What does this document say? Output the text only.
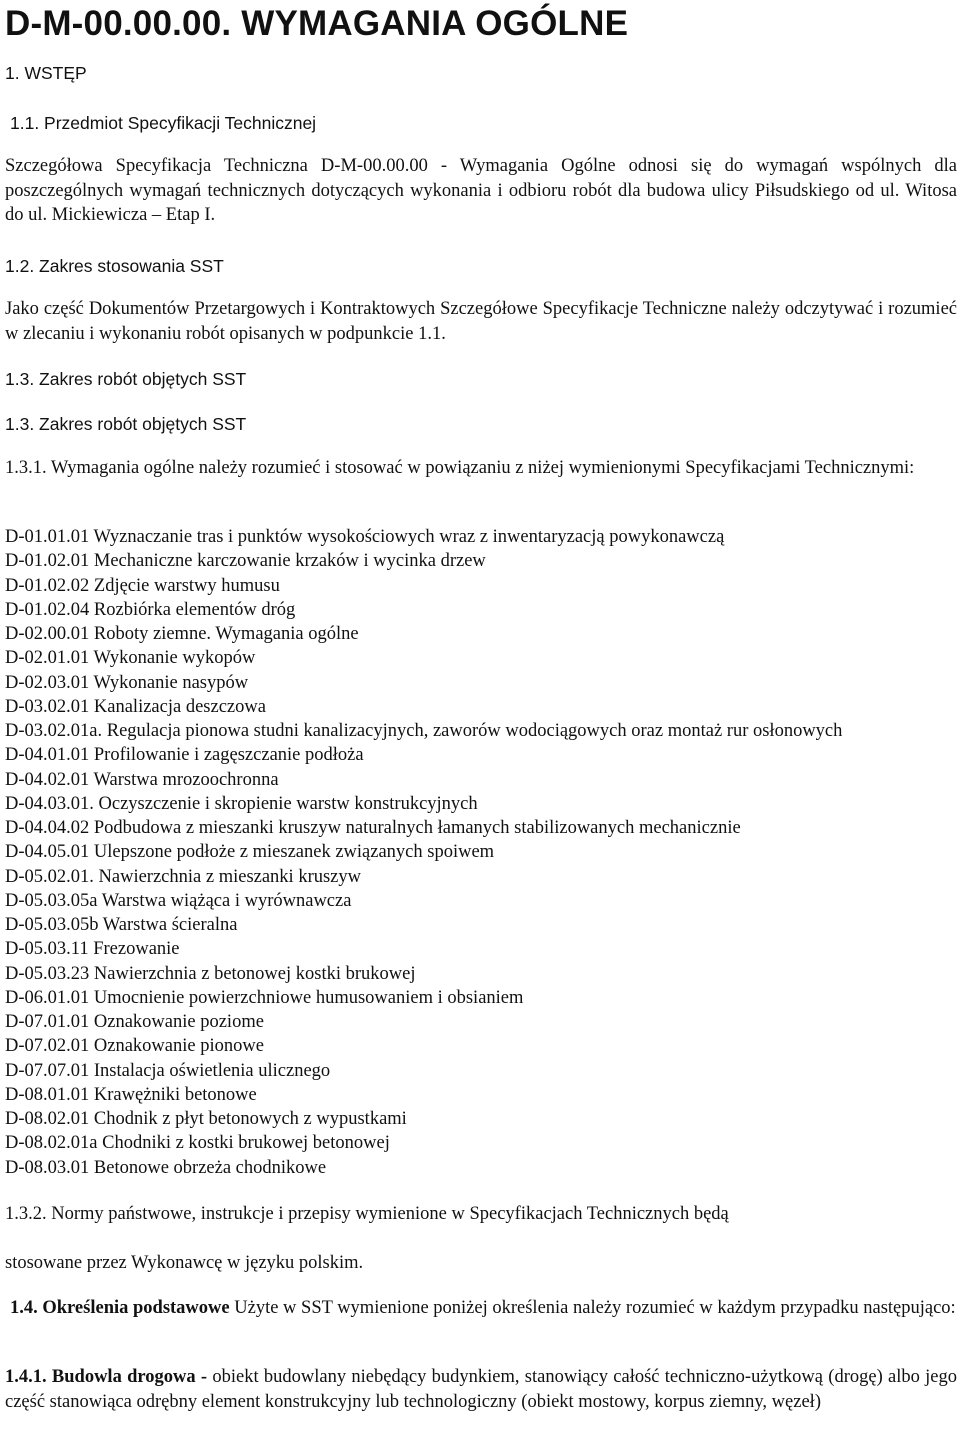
D-M-00.00.00. WYMAGANIA OGÓLNE

1. WSTĘP

1.1. Przedmiot Specyfikacji Technicznej

Szczegółowa Specyfikacja Techniczna D-M-00.00.00 - Wymagania Ogólne odnosi się do wymagań wspólnych dla poszczególnych wymagań technicznych dotyczących wykonania i odbioru robót dla budowa ulicy Piłsudskiego od ul. Witosa do ul. Mickiewicza – Etap I.

1.2. Zakres stosowania SST

Jako część Dokumentów Przetargowych i Kontraktowych Szczegółowe Specyfikacje Techniczne należy odczytywać i rozumieć w zlecaniu i wykonaniu robót opisanych w podpunkcie 1.1.

1.3. Zakres robót objętych SST

1.3. Zakres robót objętych SST

1.3.1. Wymagania ogólne należy rozumieć i stosować w powiązaniu z niżej wymienionymi Specyfikacjami Technicznymi:

D-01.01.01 Wyznaczanie tras i punktów wysokościowych wraz z inwentaryzacją powykonawczą
D-01.02.01 Mechaniczne karczowanie krzaków i wycinka drzew
D-01.02.02 Zdjęcie warstwy humusu
D-01.02.04 Rozbiórka elementów dróg
D-02.00.01 Roboty ziemne. Wymagania ogólne
D-02.01.01 Wykonanie wykopów
D-02.03.01 Wykonanie nasypów
D-03.02.01 Kanalizacja deszczowa
D-03.02.01a. Regulacja pionowa studni kanalizacyjnych, zaworów wodociągowych oraz montaż rur osłonowych
D-04.01.01 Profilowanie i zagęszczanie podłoża
D-04.02.01 Warstwa mrozoochronna
D-04.03.01. Oczyszczenie i skropienie warstw konstrukcyjnych
D-04.04.02 Podbudowa z mieszanki kruszyw naturalnych łamanych stabilizowanych mechanicznie
D-04.05.01 Ulepszone podłoże z mieszanek związanych spoiwem
D-05.02.01. Nawierzchnia z mieszanki kruszyw
D-05.03.05a Warstwa wiążąca i wyrównawcza
D-05.03.05b Warstwa ścieralna
D-05.03.11 Frezowanie
D-05.03.23 Nawierzchnia z betonowej kostki brukowej
D-06.01.01 Umocnienie powierzchniowe humusowaniem i obsianiem
D-07.01.01 Oznakowanie poziome
D-07.02.01 Oznakowanie pionowe
D-07.07.01 Instalacja oświetlenia ulicznego
D-08.01.01 Krawężniki betonowe
D-08.02.01 Chodnik z płyt betonowych z wypustkami
D-08.02.01a Chodniki z kostki brukowej betonowej
D-08.03.01 Betonowe obrzeża chodnikowe

1.3.2. Normy państwowe, instrukcje i przepisy wymienione w Specyfikacjach Technicznych będą

stosowane przez Wykonawcę w języku polskim.

1.4. Określenia podstawowe Użyte w SST wymienione poniżej określenia należy rozumieć w każdym przypadku następująco:

1.4.1. Budowla drogowa - obiekt budowlany niebędący budynkiem, stanowiący całość techniczno-użytkową (drogę) albo jego część stanowiąca odrębny element konstrukcyjny lub technologiczny (obiekt mostowy, korpus ziemny, węzeł)
